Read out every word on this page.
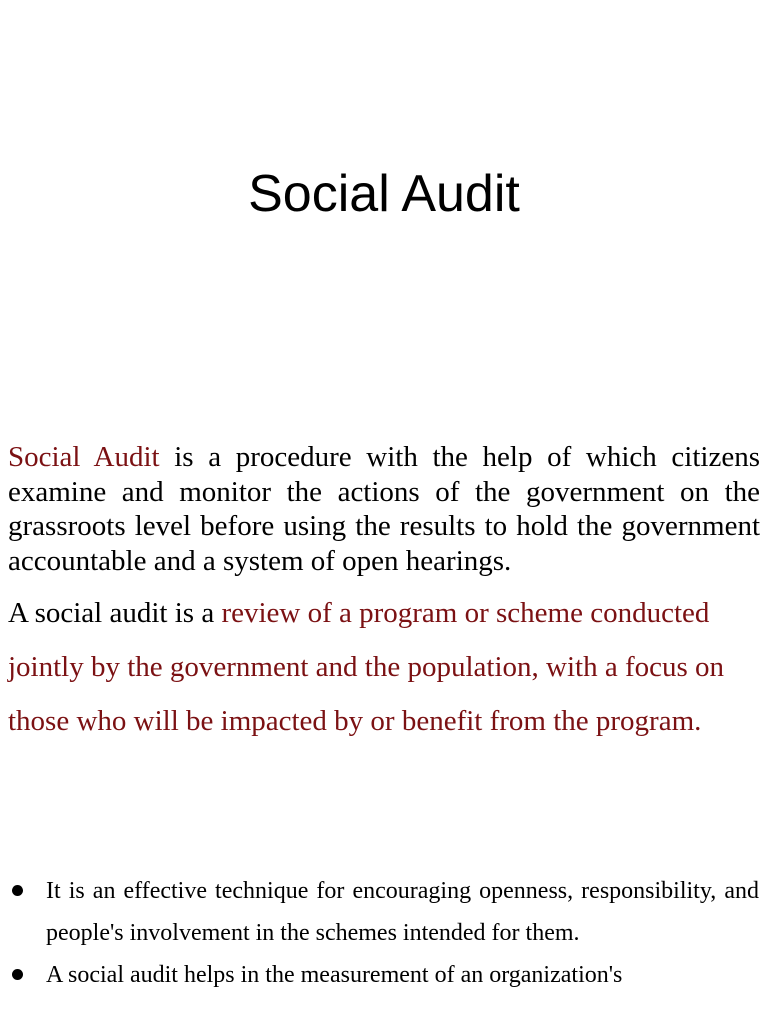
Social Audit

Social Audit is a procedure with the help of which citizens examine and monitor the actions of the government on the grassroots level before using the results to hold the government accountable and a system of open hearings.

A social audit is a review of a program or scheme conducted jointly by the government and the population, with a focus on those who will be impacted by or benefit from the program.

It is an effective technique for encouraging openness, responsibility, and people's involvement in the schemes intended for them.
A social audit helps in the measurement of an organization's
